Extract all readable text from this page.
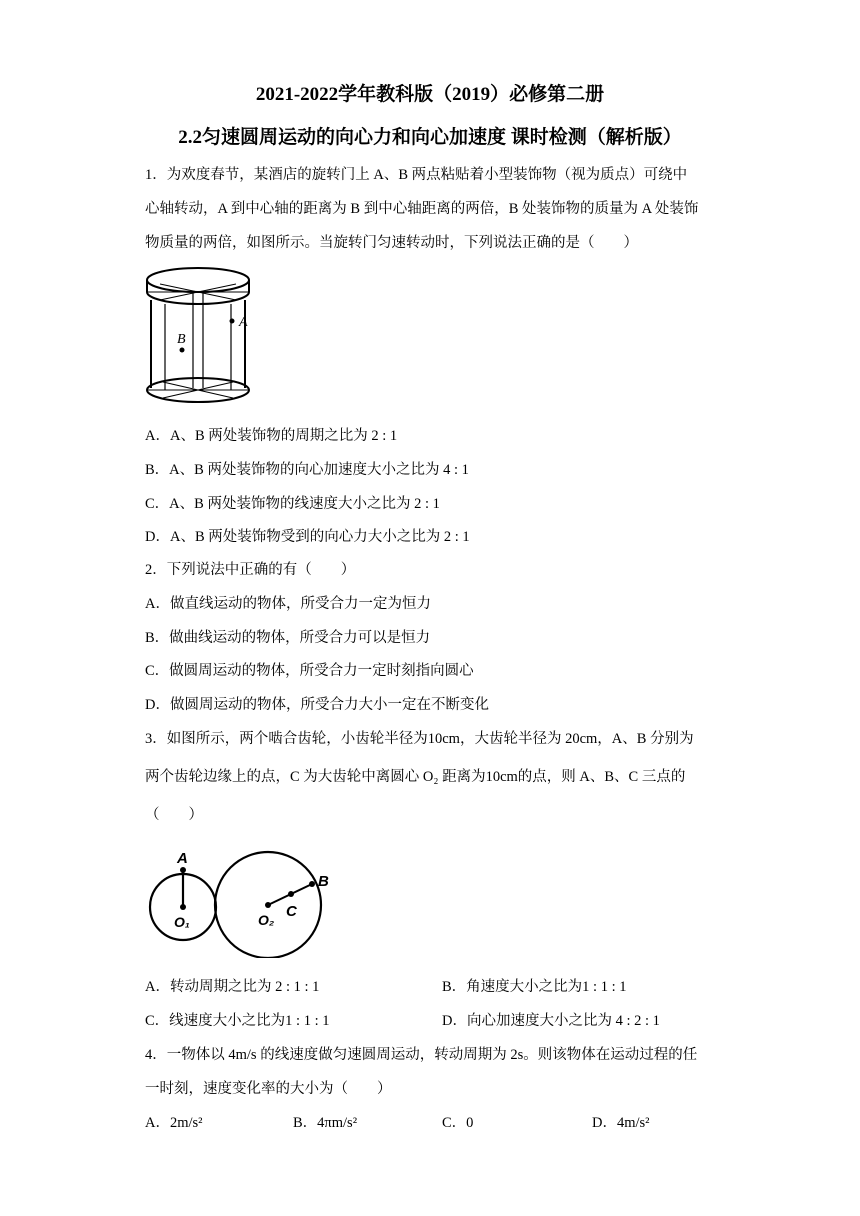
2021-2022学年教科版（2019）必修第二册
2.2匀速圆周运动的向心力和向心加速度 课时检测（解析版）
1．为欢度春节，某酒店的旋转门上 A、B 两点粘贴着小型装饰物（视为质点）可绕中
心轴转动，A 到中心轴的距离为 B 到中心轴距离的两倍，B 处装饰物的质量为 A 处装饰
物质量的两倍，如图所示。当旋转门匀速转动时，下列说法正确的是（　　）
A
B
A．A、B 两处装饰物的周期之比为 2 : 1
B．A、B 两处装饰物的向心加速度大小之比为 4 : 1
C．A、B 两处装饰物的线速度大小之比为 2 : 1
D．A、B 两处装饰物受到的向心力大小之比为 2 : 1
2．下列说法中正确的有（　　）
A．做直线运动的物体，所受合力一定为恒力
B．做曲线运动的物体，所受合力可以是恒力
C．做圆周运动的物体，所受合力一定时刻指向圆心
D．做圆周运动的物体，所受合力大小一定在不断变化
3．如图所示，两个啮合齿轮，小齿轮半径为10cm，大齿轮半径为 20cm，A、B 分别为
两个齿轮边缘上的点，C 为大齿轮中离圆心 O₂ 距离为10cm的点，则 A、B、C 三点的
（　　）
A
O₁	O₂ C
B
A．转动周期之比为 2 : 1 : 1	B．角速度大小之比为1 : 1 : 1
C．线速度大小之比为1 : 1 : 1	D．向心加速度大小之比为 4 : 2 : 1
4．一物体以 4m/s 的线速度做匀速圆周运动，转动周期为 2s。则该物体在运动过程的任
一时刻，速度变化率的大小为（　　）
A．2m/s²	B．4πm/s²	C．0	D．4m/s²
